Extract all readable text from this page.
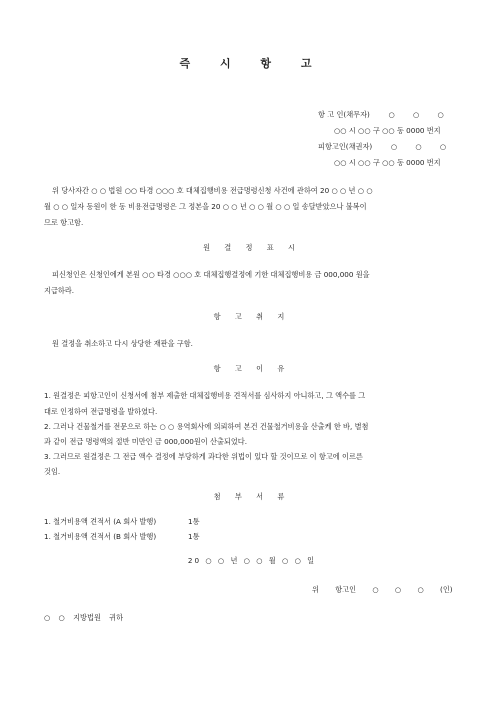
즉 시 항 고
항 고 인(채무자)	○ ○ ○
○○ 시 ○○ 구 ○○ 동 0000 번지
피항고인(채권자)	○ ○ ○
○○ 시 ○○ 구 ○○ 동 0000 번지
위 당사자간 ○ ○ 법원 ○○ 타경 ○○○ 호 대체집행비용 전급명령신청 사건에 관하여 20 ○ ○ 년 ○ ○
월 ○ ○ 일자 동원이 한 동 비용전급명령은 그 정본을 20 ○ ○ 년 ○ ○ 월 ○ ○ 일 송달받았으나 불복이
므로 항고함.
원 결 정 표 시
피신청인은 신청인에게 본원 ○○ 타경 ○○○ 호 대체집행결정에 기한 대체집행비용 금 000,000 원을
지급하라.
항 고 취 지
원 결정을 취소하고 다시 상당한 재판을 구함.
항 고 이 유
1. 원결정은 피항고인이 신청서에 첨부 제출한 대체집행비용 견적서를 심사하지 아니하고, 그 액수를 그
대로 인정하여 전급명령을 발하였다.
2. 그러나 건물철거를 전문으로 하는 ○ ○ 용역회사에 의뢰하여 본건 건물철거비용을 산출케 한 바, 별첨
과 같이 전급 명령액의 절반 미만인 금 000,000원이 산출되었다.
3. 그러므로 원결정은 그 전급 액수 결정에 부당하게 과다한 위법이 있다 할 것이므로 이 항고에 이르른
것임.
첨 부 서 류
1. 철거비용액 견적서 (A 회사 발행)	1통
1. 철거비용액 견적서 (B 회사 발행)	1통
20 ○ ○ 년 ○ ○ 월 ○ ○ 일
위 항고인 ○ ○ ○ (인)
○ ○ 지방법원 귀하
